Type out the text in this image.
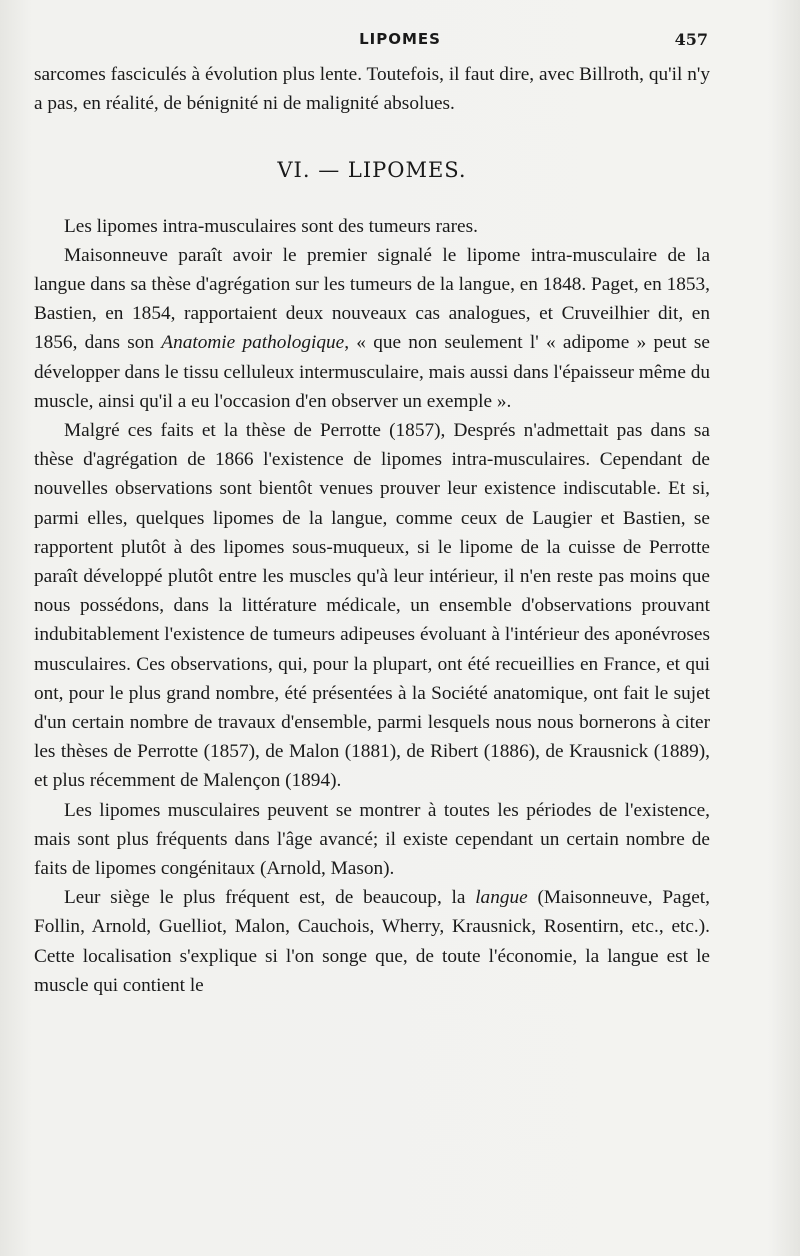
LIPOMES	457

sarcomes fasciculés à évolution plus lente. Toutefois, il faut dire, avec Billroth, qu'il n'y a pas, en réalité, de bénignité ni de malignité absolues.

VI. — LIPOMES.

Les lipomes intra-musculaires sont des tumeurs rares.

Maisonneuve paraît avoir le premier signalé le lipome intra-musculaire de la langue dans sa thèse d'agrégation sur les tumeurs de la langue, en 1848. Paget, en 1853, Bastien, en 1854, rapportaient deux nouveaux cas analogues, et Cruveilhier dit, en 1856, dans son Anatomie pathologique, « que non seulement l' « adipome » peut se développer dans le tissu celluleux intermusculaire, mais aussi dans l'épaisseur même du muscle, ainsi qu'il a eu l'occasion d'en observer un exemple ».

Malgré ces faits et la thèse de Perrotte (1857), Després n'admettait pas dans sa thèse d'agrégation de 1866 l'existence de lipomes intra-musculaires. Cependant de nouvelles observations sont bientôt venues prouver leur existence indiscutable. Et si, parmi elles, quelques lipomes de la langue, comme ceux de Laugier et Bastien, se rapportent plutôt à des lipomes sous-muqueux, si le lipome de la cuisse de Perrotte paraît développé plutôt entre les muscles qu'à leur intérieur, il n'en reste pas moins que nous possédons, dans la littérature médicale, un ensemble d'observations prouvant indubitablement l'existence de tumeurs adipeuses évoluant à l'intérieur des aponévroses musculaires. Ces observations, qui, pour la plupart, ont été recueillies en France, et qui ont, pour le plus grand nombre, été présentées à la Société anatomique, ont fait le sujet d'un certain nombre de travaux d'ensemble, parmi lesquels nous nous bornerons à citer les thèses de Perrotte (1857), de Malon (1881), de Ribert (1886), de Krausnick (1889), et plus récemment de Malençon (1894).

Les lipomes musculaires peuvent se montrer à toutes les périodes de l'existence, mais sont plus fréquents dans l'âge avancé; il existe cependant un certain nombre de faits de lipomes congénitaux (Arnold, Mason).

Leur siège le plus fréquent est, de beaucoup, la langue (Maisonneuve, Paget, Follin, Arnold, Guelliot, Malon, Cauchois, Wherry, Krausnick, Rosentirn, etc., etc.). Cette localisation s'explique si l'on songe que, de toute l'économie, la langue est le muscle qui contient le
